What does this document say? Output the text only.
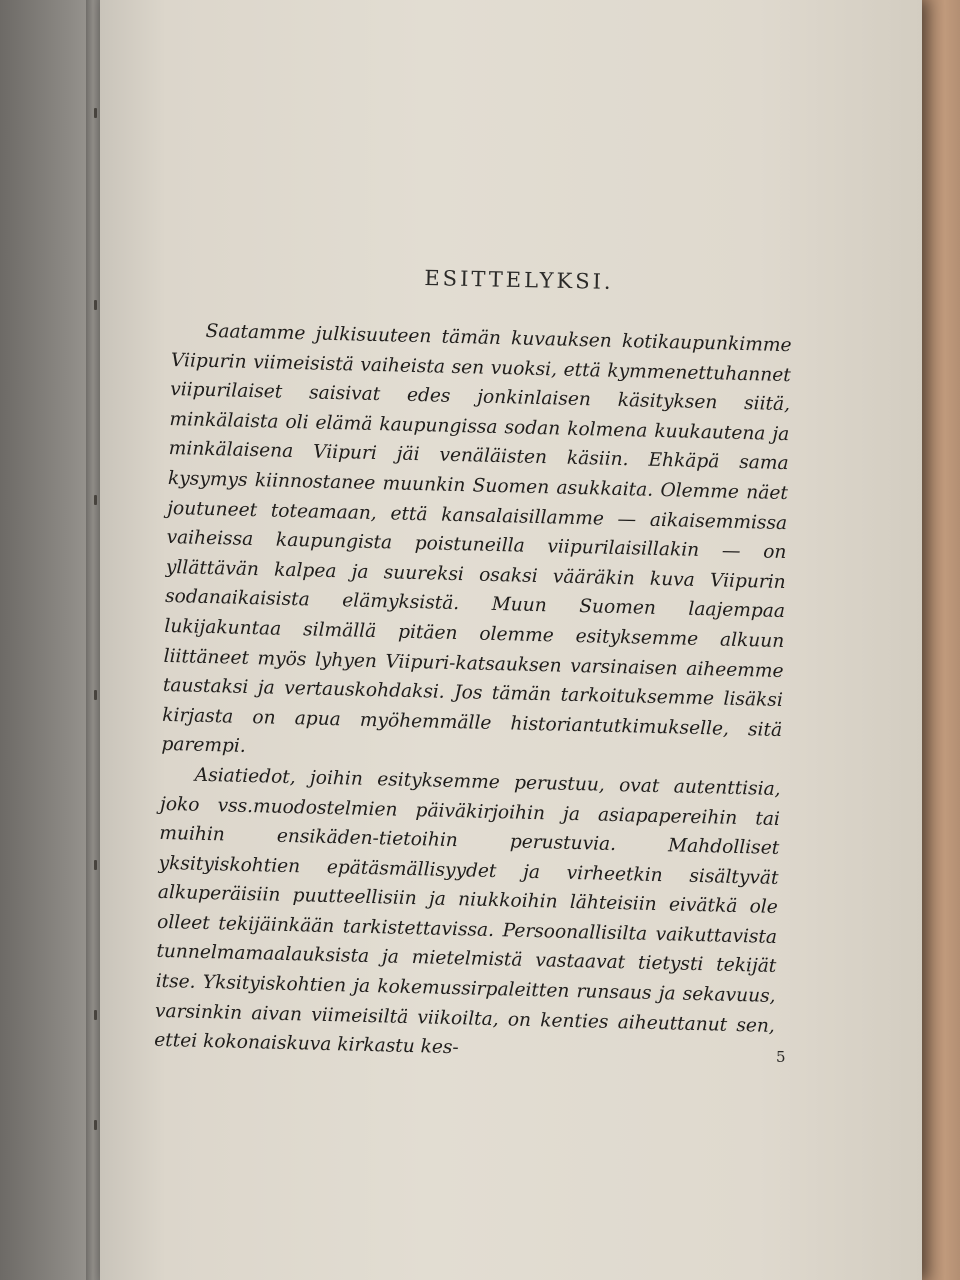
ESITTELYKSI.

Saatamme julkisuuteen tämän kuvauksen kotikaupunkimme Viipurin viimeisistä vaiheista sen vuoksi, että kymmenettuhannet viipurilaiset saisivat edes jonkinlaisen käsityksen siitä, minkälaista oli elämä kaupungissa sodan kolmena kuukautena ja minkälaisena Viipuri jäi venäläisten käsiin. Ehkäpä sama kysymys kiinnostanee muunkin Suomen asukkaita. Olemme näet joutuneet toteamaan, että kansalaisillamme — aikaisemmissa vaiheissa kaupungista poistuneilla viipurilaisillakin — on yllättävän kalpea ja suureksi osaksi vääräkin kuva Viipurin sodanaikaisista elämyksistä. Muun Suomen laajempaa lukijakuntaa silmällä pitäen olemme esityksemme alkuun liittäneet myös lyhyen Viipuri-katsauksen varsinaisen aiheemme taustaksi ja vertauskohdaksi. Jos tämän tarkoituksemme lisäksi kirjasta on apua myöhemmälle historiantutkimukselle, sitä parempi.

Asiatiedot, joihin esityksemme perustuu, ovat autenttisia, joko vss.muodostelmien päiväkirjoihin ja asiapapereihin tai muihin ensikäden-tietoihin perustuvia. Mahdolliset yksityiskohtien epätäsmällisyydet ja virheetkin sisältyvät alkuperäisiin puutteellisiin ja niukkoihin lähteisiin eivätkä ole olleet tekijäinkään tarkistettavissa. Persoonallisilta vaikuttavista tunnelmamaalauksista ja mietelmistä vastaavat tietysti tekijät itse. Yksityiskohtien ja kokemussirpaleitten runsaus ja sekavuus, varsinkin aivan viimeisiltä viikoilta, on kenties aiheuttanut sen, ettei kokonaiskuva kirkastu kes-	5
